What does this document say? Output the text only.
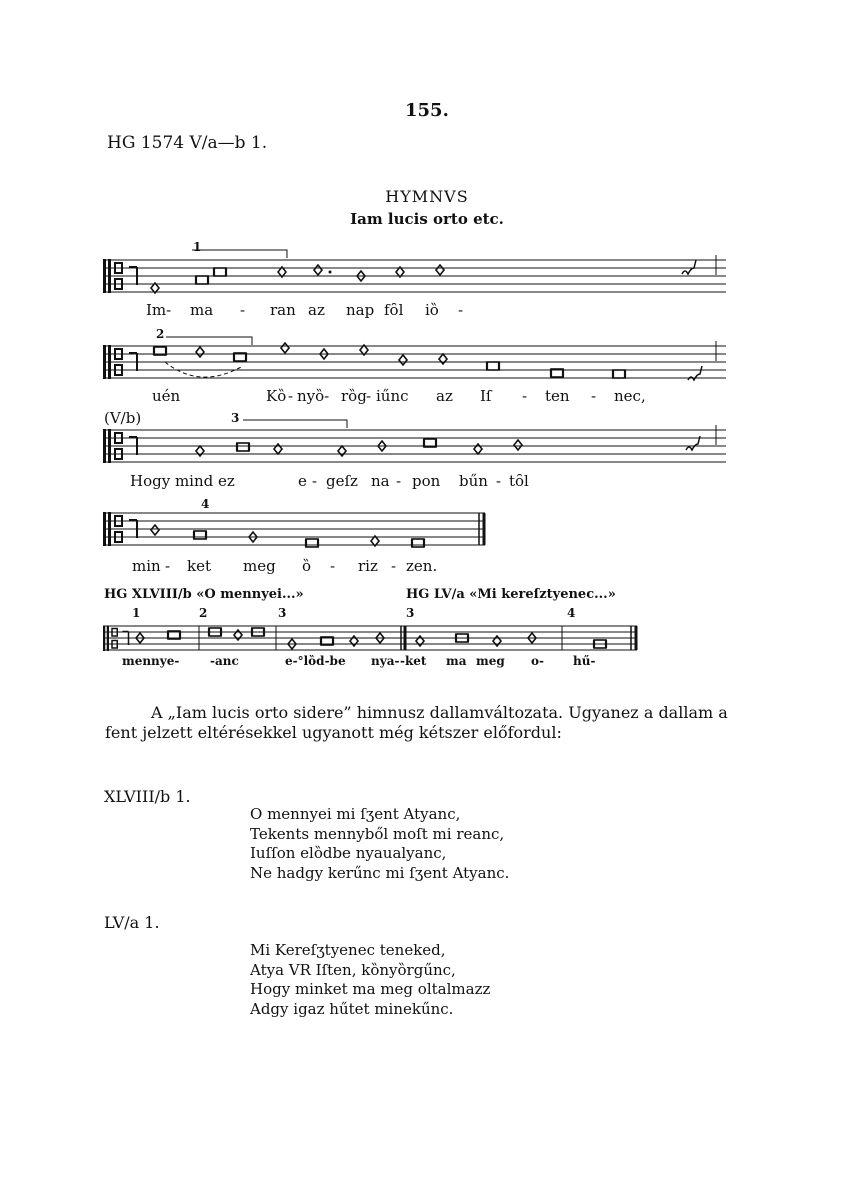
155.
HG 1574 V/a—b 1.
HYMNVS
Iam lucis orto etc.
1
2
3
4
(V/b)
Im- ma - ran az nap fȏl iȍ -
uén	Kȍ - nyȍ- rȍg - iűnc az Iſ - ten - nec,
Hogy mind ez	e - geſz na - pon bűn - tȏl
min - ket meg ȍ - riz - zen.
HG XLVIII/b «O mennyei...»	HG LV/a «Mi kereſztyenec...»
1	2	3	3	4
mennye-	-anc	e-°lȍd-be nya- -ket ma meg o- hű-
A „Iam lucis orto sidere” himnusz dallamváltozata. Ugyanez a dallam a fent jelzett eltérésekkel ugyanott még kétszer előfordul:
XLVIII/b 1.
O mennyei mi ſʒent Atyanc,
Tekents mennyből moſt mi reanc,
Iuſſon elȍdbe nyaualyanc,
Ne hadgy kerűnc mi ſʒent Atyanc.
LV/a 1.
Mi Kereſʒtyenec teneked,
Atya VR Iſten, kȍnyȍrgűnc,
Hogy minket ma meg oltalmazz
Adgy igaz hűtet minekűnc.
